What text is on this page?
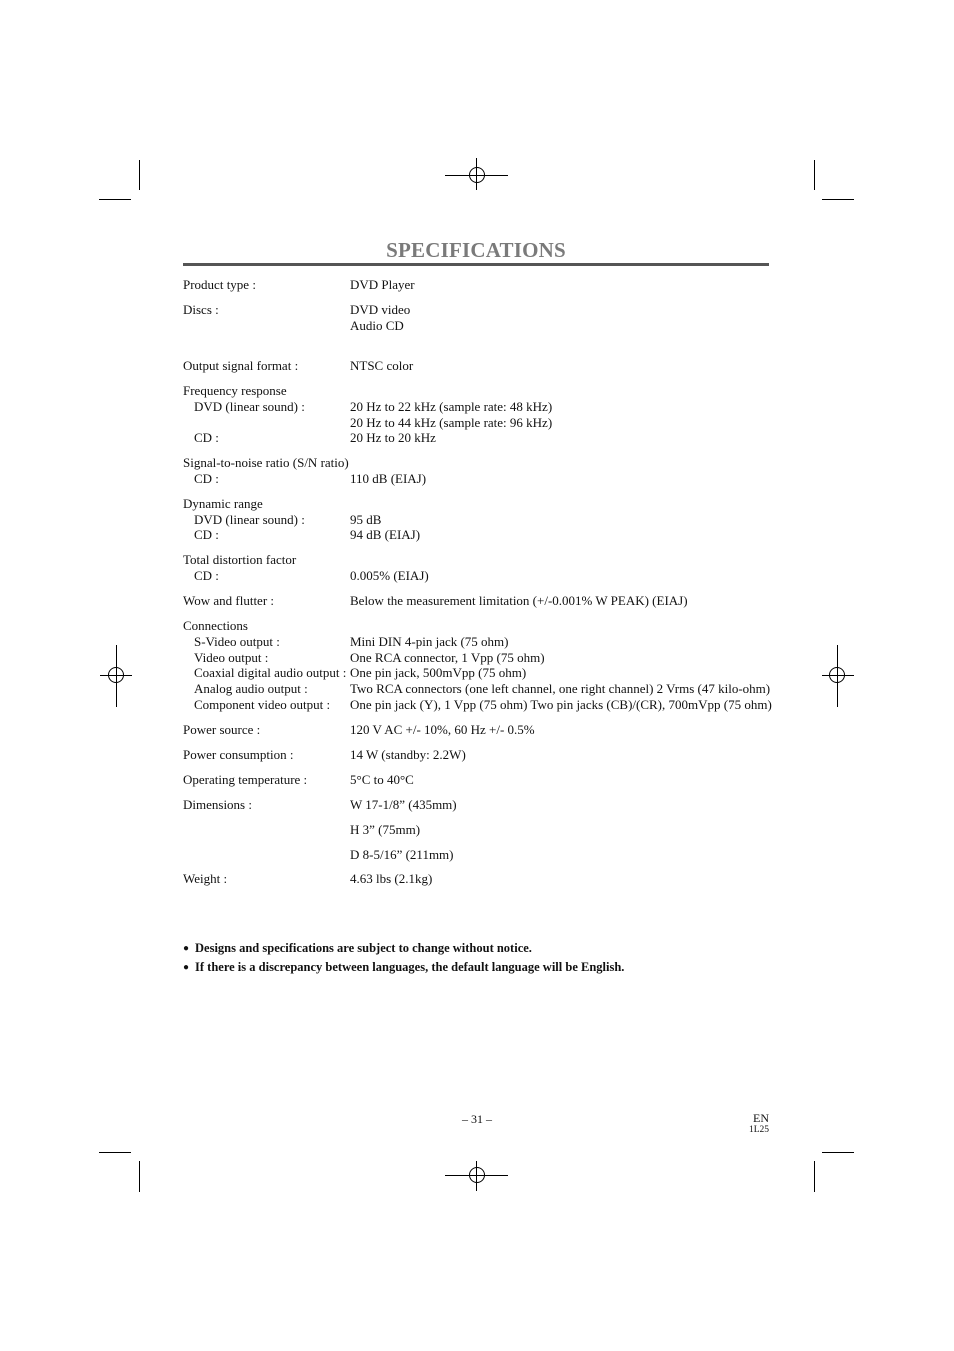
SPECIFICATIONS
Product type :	DVD Player
Discs :	DVD video
Audio CD
Output signal format :	NTSC color
Frequency response
DVD (linear sound) :	20 Hz to 22 kHz (sample rate: 48 kHz)
20 Hz to 44 kHz (sample rate: 96 kHz)
CD :	20 Hz to 20 kHz
Signal-to-noise ratio (S/N ratio)
CD :	110 dB (EIAJ)
Dynamic range
DVD (linear sound) :	95 dB
CD :	94 dB (EIAJ)
Total distortion factor
CD :	0.005% (EIAJ)
Wow and flutter :	Below the measurement limitation (+/-0.001% W PEAK) (EIAJ)
Connections
S-Video output :	Mini DIN 4-pin jack (75 ohm)
Video output :	One RCA connector, 1 Vpp (75 ohm)
Coaxial digital audio output : One pin jack, 500mVpp (75 ohm)
Analog audio output :	Two RCA connectors (one left channel, one right channel) 2 Vrms (47 kilo-ohm)
Component video output : One pin jack (Y), 1 Vpp (75 ohm) Two pin jacks (CB)/(CR), 700mVpp (75 ohm)
Power source :	120 V AC +/- 10%, 60 Hz +/- 0.5%
Power consumption :	14 W (standby: 2.2W)
Operating temperature :	5°C to 40°C
Dimensions :	W 17-1/8” (435mm)
H 3” (75mm)
D 8-5/16” (211mm)
Weight :	4.63 lbs (2.1kg)
● Designs and specifications are subject to change without notice.
● If there is a discrepancy between languages, the default language will be English.
– 31 –	EN
1L25
